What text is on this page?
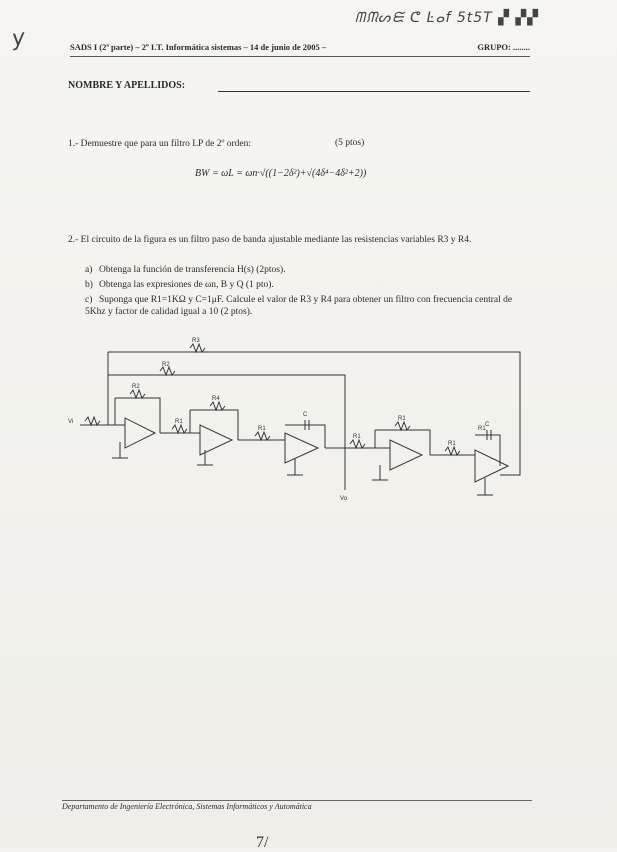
y
ᗰᙏᔕᙓ ᕦ Ŀⴰf 5t5T ▞ ▞▞
SADS I (2ª parte) – 2º I.T. Informática sistemas – 14 de junio de 2005 –	GRUPO: ........
NOMBRE Y APELLIDOS:
1.- Demuestre que para un filtro LP de 2º orden:	(5 ptos)
BW = ωL = ωn·√((1−2δ²)+√(4δ⁴−4δ²+2))
2.- El circuito de la figura es un filtro paso de banda ajustable mediante las resistencias variables R3 y R4.
a) Obtenga la función de transferencia H(s) (2ptos).
b) Obtenga las expresiones de ωn, B y Q (1 pto).
c) Suponga que R1=1KΩ y C=1μF. Calcule el valor de R3 y R4 para obtener un filtro con frecuencia central de 5Khz y factor de calidad igual a 10 (2 ptos).
R3
R2
R2
R1
R4
Vi
R1
R1
C
R1
Vo
R1
R1
C
Departamento de Ingeniería Electrónica, Sistemas Informáticos y Automática
7/
